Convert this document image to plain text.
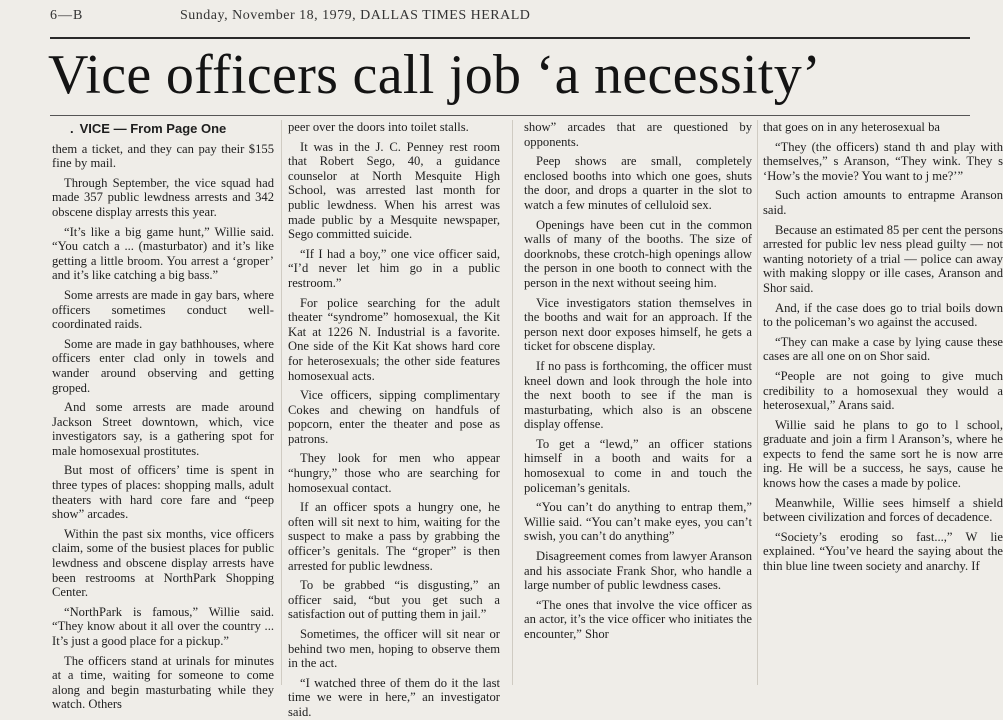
6—B	Sunday, November 18, 1979, DALLAS TIMES HERALD
Vice officers call job ‘a necessity’
. VICE — From Page One

them a ticket, and they can pay their $155 fine by mail.

Through September, the vice squad had made 357 public lewdness arrests and 342 obscene display arrests this year.

“It’s like a big game hunt,” Willie said. “You catch a ... (masturbator) and it’s like getting a little broom. You arrest a ‘groper’ and it’s like catching a big bass.”

Some arrests are made in gay bars, where officers sometimes conduct well-coordinated raids.

Some are made in gay bathhouses, where officers enter clad only in towels and wander around observing and getting groped.

And some arrests are made around Jackson Street downtown, which, vice investigators say, is a gathering spot for male homosexual prostitutes.

But most of officers’ time is spent in three types of places: shopping malls, adult theaters with hard core fare and “peep show” arcades.

Within the past six months, vice officers claim, some of the busiest places for public lewdness and obscene display arrests have been restrooms at NorthPark Shopping Center.

“NorthPark is famous,” Willie said. “They know about it all over the country ... It’s just a good place for a pickup.”

The officers stand at urinals for minutes at a time, waiting for someone to come along and begin masturbating while they watch. Others

peer over the doors into toilet stalls.

It was in the J. C. Penney rest room that Robert Sego, 40, a guidance counselor at North Mesquite High School, was arrested last month for public lewdness. When his arrest was made public by a Mesquite newspaper, Sego committed suicide.

“If I had a boy,” one vice officer said, “I’d never let him go in a public restroom.”

For police searching for the adult theater “syndrome” homosexual, the Kit Kat at 1226 N. Industrial is a favorite. One side of the Kit Kat shows hard core for heterosexuals; the other side features homosexual acts.

Vice officers, sipping complimentary Cokes and chewing on handfuls of popcorn, enter the theater and pose as patrons.

They look for men who appear “hungry,” those who are searching for homosexual contact.

If an officer spots a hungry one, he often will sit next to him, waiting for the suspect to make a pass by grabbing the officer’s genitals. The “groper” is then arrested for public lewdness.

To be grabbed “is disgusting,” an officer said, “but you get such a satisfaction out of putting them in jail.”

Sometimes, the officer will sit near or behind two men, hoping to observe them in the act.

“I watched three of them do it the last time we were in here,” an investigator said.

show” arcades that are questioned by opponents.

Peep shows are small, completely enclosed booths into which one goes, shuts the door, and drops a quarter in the slot to watch a few minutes of celluloid sex.

Openings have been cut in the common walls of many of the booths. The size of doorknobs, these crotch-high openings allow the person in one booth to connect with the person in the next without seeing him.

Vice investigators station themselves in the booths and wait for an approach. If the person next door exposes himself, he gets a ticket for obscene display.

If no pass is forthcoming, the officer must kneel down and look through the hole into the next booth to see if the man is masturbating, which also is an obscene display offense.

To get a “lewd,” an officer stations himself in a booth and waits for a homosexual to come in and touch the policeman’s genitals.

“You can’t do anything to entrap them,” Willie said. “You can’t make eyes, you can’t swish, you can’t do anything”

Disagreement comes from lawyer Aranson and his associate Frank Shor, who handle a large number of public lewdness cases.

“The ones that involve the vice officer as an actor, it’s the vice officer who initiates the encounter,” Shor

that goes on in any heterosexual ba

“They (the officers) stand th and play with themselves,” s Aranson, “They wink. They s ‘How’s the movie? You want to j me?’”

Such action amounts to entrapme Aranson said.

Because an estimated 85 per cent the persons arrested for public lev ness plead guilty — not wanting notoriety of a trial — police can away with making sloppy or ille cases, Aranson and Shor said.

And, if the case does go to trial boils down to the policeman’s wo against the accused.

“They can make a case by lying cause these cases are all one on on Shor said.

“People are not going to give much credibility to a homosexual they would a heterosexual,” Arans said.

Willie said he plans to go to l school, graduate and join a firm l Aranson’s, where he expects to fend the same sort he is now arre ing. He will be a success, he says, cause he knows how the cases a made by police.

Meanwhile, Willie sees himself a shield between civilization and forces of decadence.

“Society’s eroding so fast...,” W lie explained. “You’ve heard the saying about the thin blue line tween society and anarchy. If
